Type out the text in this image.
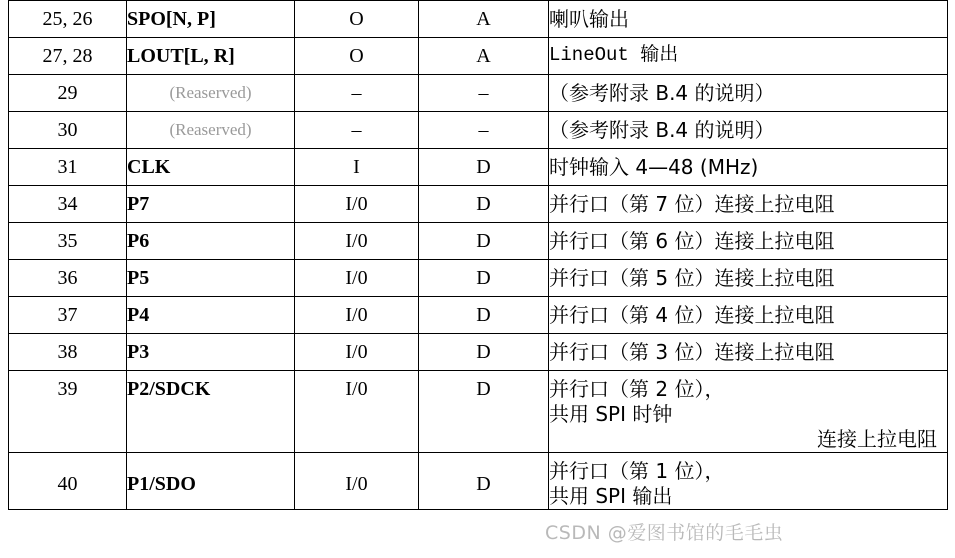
25, 26	SPO[N, P]	O	A	喇叭输出

27, 28	LOUT[L, R]	O	A	LineOut 输出

29	(Reaserved)	–	–	（参考附录 B.4 的说明）

30	(Reaserved)	–	–	（参考附录 B.4 的说明）

31	CLK	I	D	时钟输入 4—48 (MHz)

34	P7	I/0	D	并行口（第 7 位）连接上拉电阻

35	P6	I/0	D	并行口（第 6 位）连接上拉电阻

36	P5	I/0	D	并行口（第 5 位）连接上拉电阻

37	P4	I/0	D	并行口（第 4 位）连接上拉电阻

38	P3	I/0	D	并行口（第 3 位）连接上拉电阻

39	P2/SDCK	I/0	D	并行口（第 2 位），
共用 SPI 时钟
连接上拉电阻

40	P1/SDO	I/0	D	并行口（第 1 位），
共用 SPI 输出
CSDN @爱图书馆的毛毛虫
